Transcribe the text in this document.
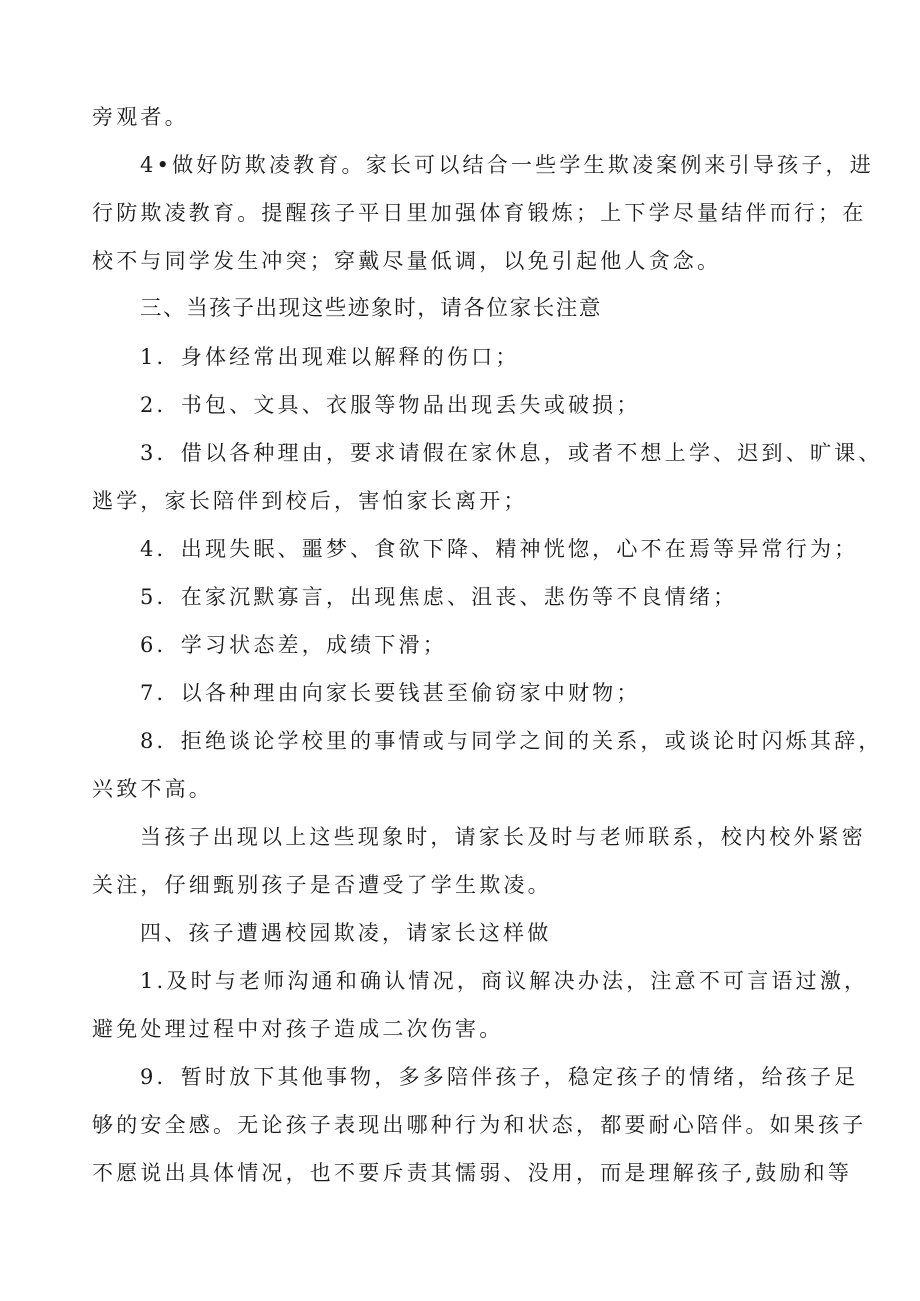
旁观者。
4•做好防欺凌教育。家长可以结合一些学生欺凌案例来引导孩子，进
行防欺凌教育。提醒孩子平日里加强体育锻炼；上下学尽量结伴而行；在
校不与同学发生冲突；穿戴尽量低调，以免引起他人贪念。
三、当孩子出现这些迹象时，请各位家长注意
1．身体经常出现难以解释的伤口；
2．书包、文具、衣服等物品出现丢失或破损；
3．借以各种理由，要求请假在家休息，或者不想上学、迟到、旷课、
逃学，家长陪伴到校后，害怕家长离开；
4．出现失眠、噩梦、食欲下降、精神恍惚，心不在焉等异常行为；
5．在家沉默寡言，出现焦虑、沮丧、悲伤等不良情绪；
6．学习状态差，成绩下滑；
7．以各种理由向家长要钱甚至偷窃家中财物；
8．拒绝谈论学校里的事情或与同学之间的关系，或谈论时闪烁其辞，
兴致不高。
当孩子出现以上这些现象时，请家长及时与老师联系，校内校外紧密
关注，仔细甄别孩子是否遭受了学生欺凌。
四、孩子遭遇校园欺凌，请家长这样做
1.及时与老师沟通和确认情况，商议解决办法，注意不可言语过激，
避免处理过程中对孩子造成二次伤害。
9．暂时放下其他事物，多多陪伴孩子，稳定孩子的情绪，给孩子足
够的安全感。无论孩子表现出哪种行为和状态，都要耐心陪伴。如果孩子
不愿说出具体情况，也不要斥责其懦弱、没用，而是理解孩子,鼓励和等
